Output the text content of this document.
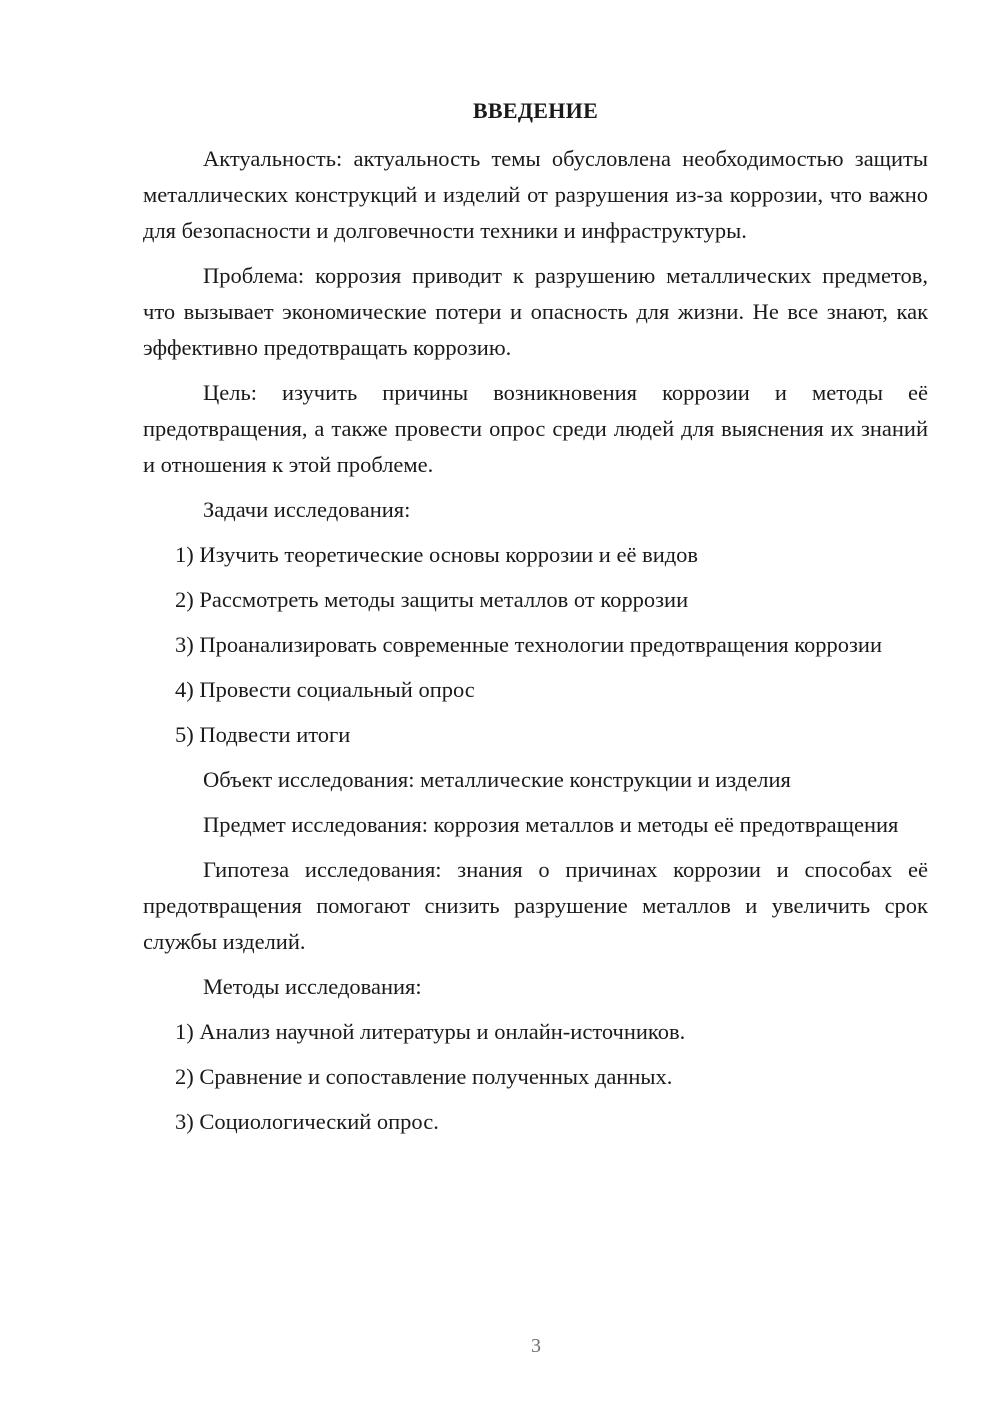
ВВЕДЕНИЕ

Актуальность: актуальность темы обусловлена необходимостью защиты металлических конструкций и изделий от разрушения из-за коррозии, что важно для безопасности и долговечности техники и инфраструктуры.

Проблема: коррозия приводит к разрушению металлических предметов, что вызывает экономические потери и опасность для жизни. Не все знают, как эффективно предотвращать коррозию.

Цель: изучить причины возникновения коррозии и методы её предотвращения, а также провести опрос среди людей для выяснения их знаний и отношения к этой проблеме.

Задачи исследования:

1) Изучить теоретические основы коррозии и её видов

2) Рассмотреть методы защиты металлов от коррозии

3) Проанализировать современные технологии предотвращения коррозии

4) Провести социальный опрос

5) Подвести итоги

Объект исследования: металлические конструкции и изделия

Предмет исследования: коррозия металлов и методы её предотвращения

Гипотеза исследования: знания о причинах коррозии и способах её предотвращения помогают снизить разрушение металлов и увеличить срок службы изделий.

Методы исследования:

1) Анализ научной литературы и онлайн-источников.

2) Сравнение и сопоставление полученных данных.

3) Социологический опрос.

3
